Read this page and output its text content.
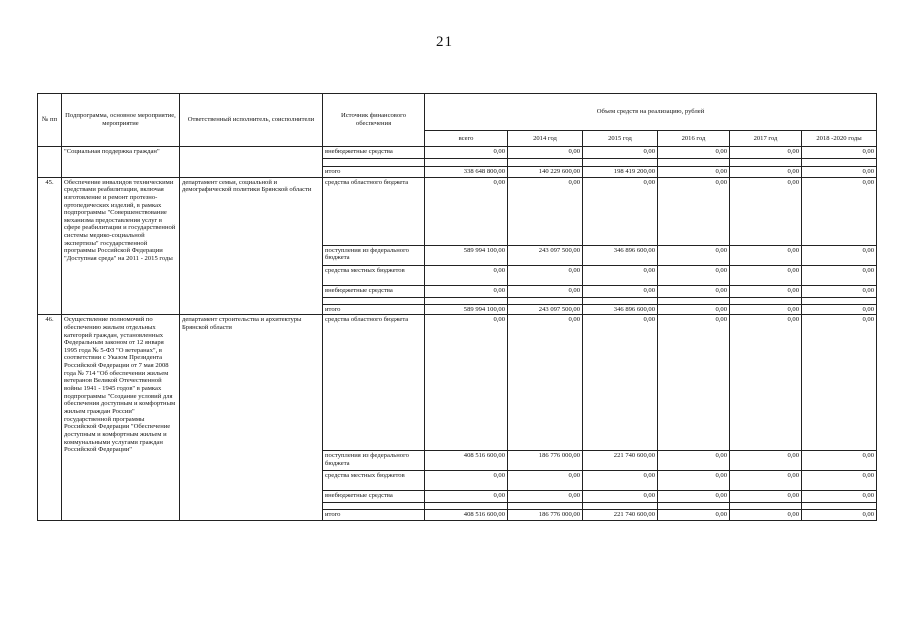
21
№ пп	Подпрограмма, основное мероприятие, мероприятие	Ответственный исполнитель, соисполнители	Источник финансового обеспечения	Объем средств на реализацию, рублей					
				всего	2014 год	2015 год	2016 год	2017 год	2018 -2020 годы
	"Социальная поддержка граждан"		внебюджетные средства	0,00	0,00	0,00	0,00	0,00	0,00

			итого	338 648 800,00	140 229 600,00	198 419 200,00	0,00	0,00	0,00
45.	Обеспечение инвалидов техническими средствами реабилитации, включая изготовление и ремонт протезно-ортопедических изделий, в рамках подпрограммы "Совершенствование механизма предоставления услуг в сфере реабилитации и государственной системы медико-социальной экспертизы" государственной программы Российской Федерации "Доступная среда" на 2011 - 2015 годы	департамент семьи, социальной и демографической политики Брянской области	средства областного бюджета	0,00	0,00	0,00	0,00	0,00	0,00
			поступления из федерального бюджета	589 994 100,00	243 097 500,00	346 896 600,00	0,00	0,00	0,00
			средства местных бюджетов	0,00	0,00	0,00	0,00	0,00	0,00
			внебюджетные средства	0,00	0,00	0,00	0,00	0,00	0,00

			итого	589 994 100,00	243 097 500,00	346 896 600,00	0,00	0,00	0,00
46.	Осуществление полномочий по обеспечению жильем отдельных категорий граждан, установленных Федеральным законом от 12 января 1995 года № 5-ФЗ "О ветеранах", в соответствии с Указом Президента Российской Федерации от 7 мая 2008 года № 714 "Об обеспечении жильем ветеранов Великой Отечественной войны 1941 - 1945 годов" в рамках подпрограммы "Создание условий для обеспечения доступным и комфортным жильем граждан России" государственной программы Российской Федерации "Обеспечение доступным и комфортным жильем и коммунальными услугами граждан Российской Федерации"	департамент строительства и архитектуры Брянской области	средства областного бюджета	0,00	0,00	0,00	0,00	0,00	0,00
			поступления из федерального бюджета	408 516 600,00	186 776 000,00	221 740 600,00	0,00	0,00	0,00
			средства местных бюджетов	0,00	0,00	0,00	0,00	0,00	0,00
			внебюджетные средства	0,00	0,00	0,00	0,00	0,00	0,00

			итого	408 516 600,00	186 776 000,00	221 740 600,00	0,00	0,00	0,00
